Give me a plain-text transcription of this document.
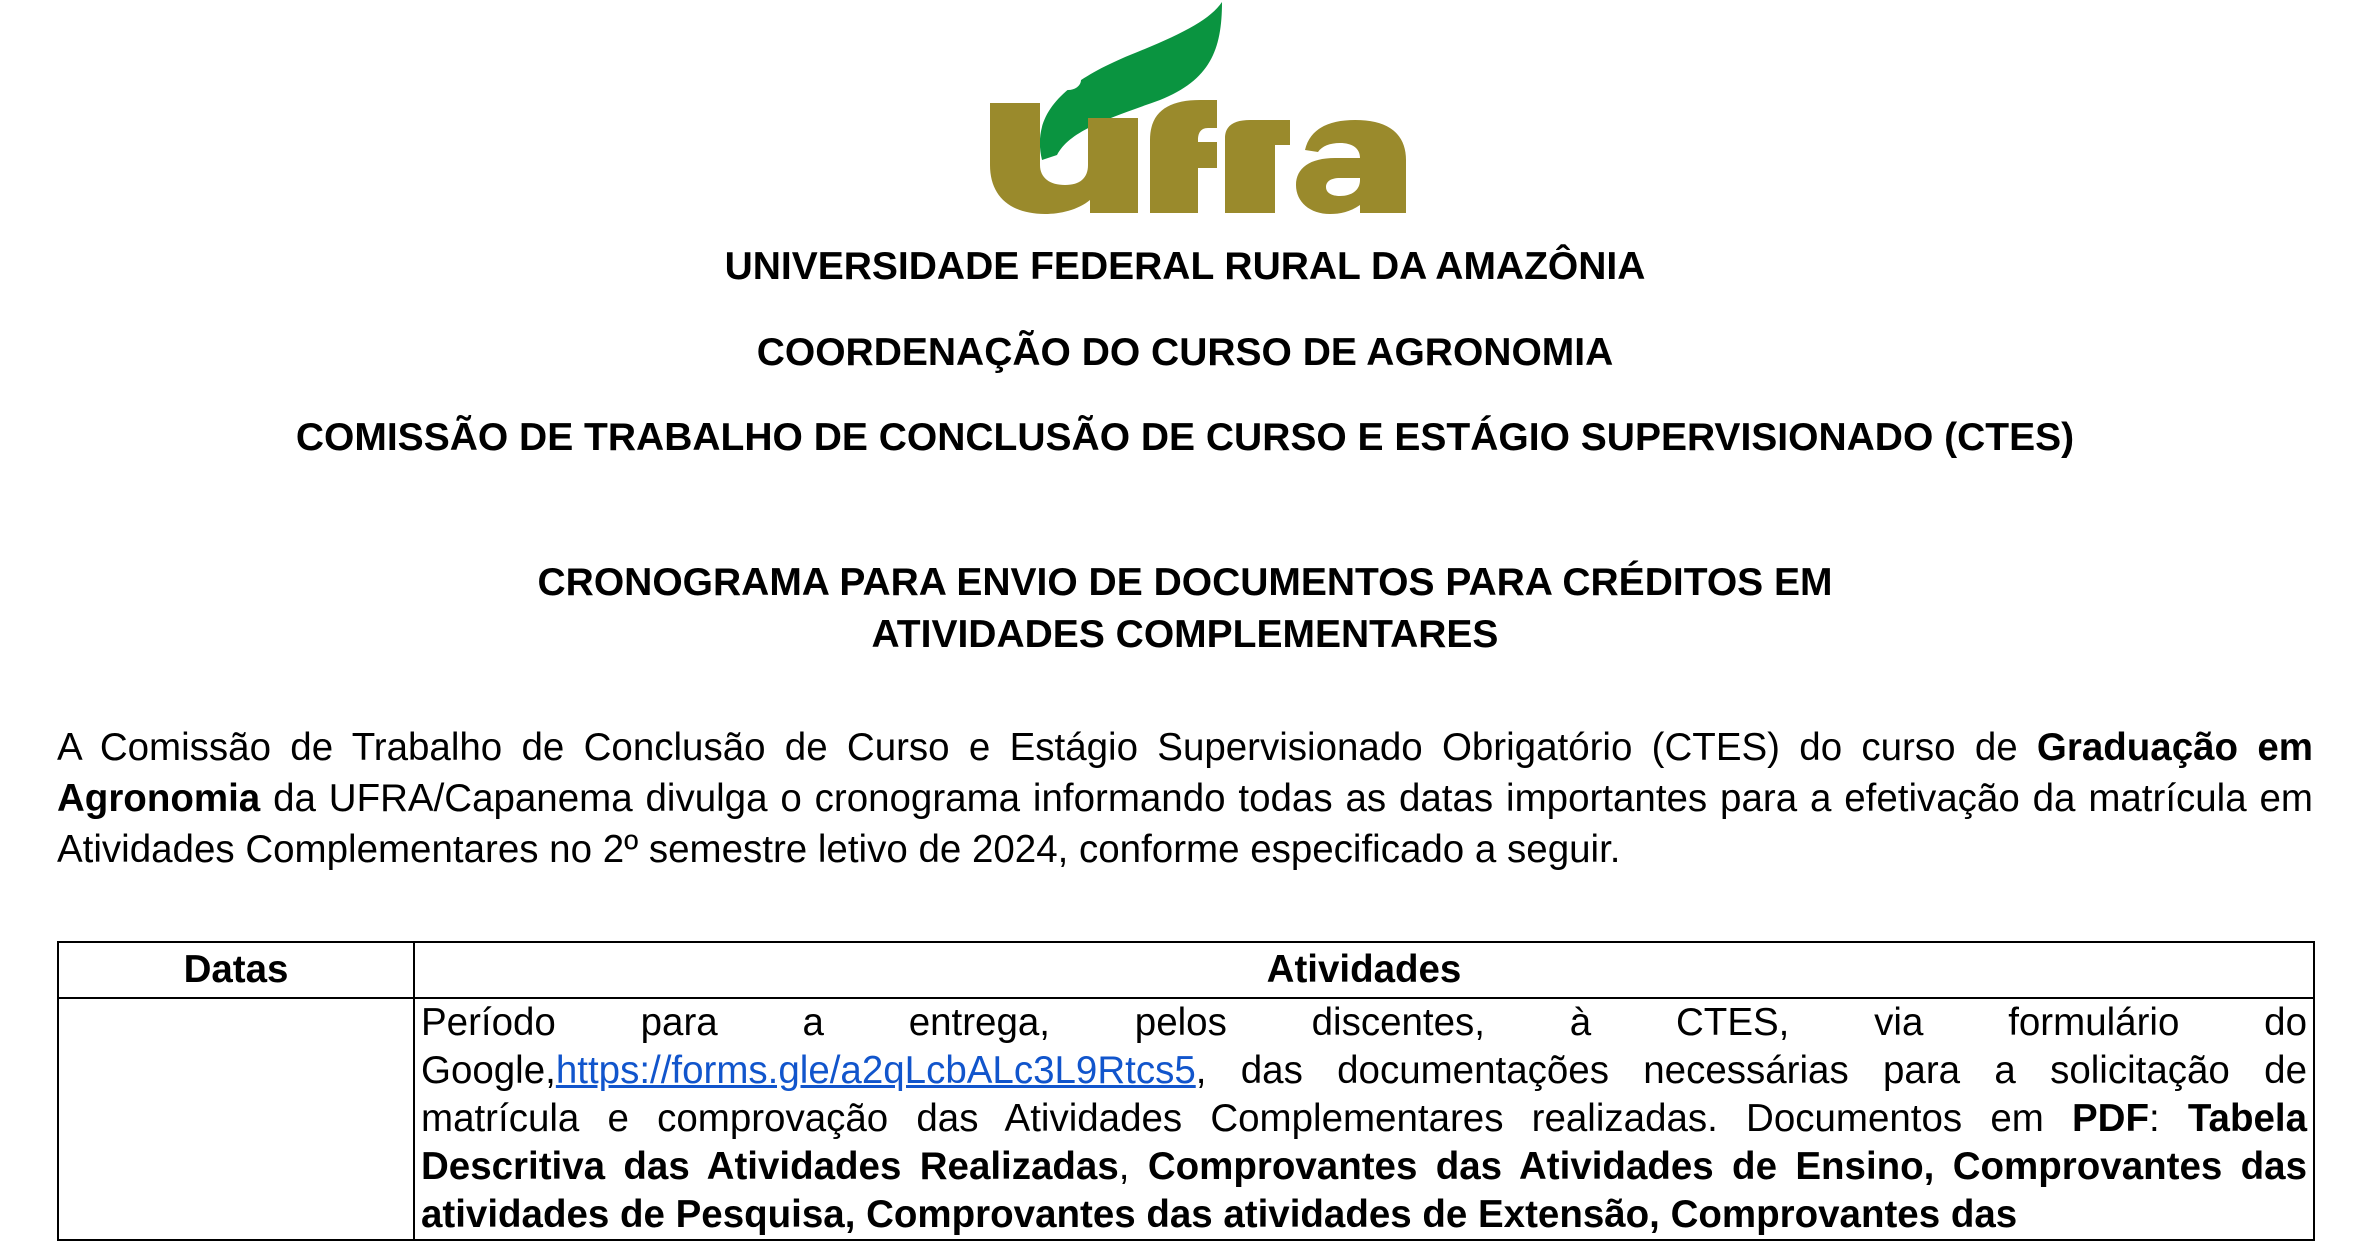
UNIVERSIDADE FEDERAL RURAL DA AMAZÔNIA
COORDENAÇÃO DO CURSO DE AGRONOMIA
COMISSÃO DE TRABALHO DE CONCLUSÃO DE CURSO E ESTÁGIO SUPERVISIONADO (CTES)
CRONOGRAMA PARA ENVIO DE DOCUMENTOS PARA CRÉDITOS EM
ATIVIDADES COMPLEMENTARES
A Comissão de Trabalho de Conclusão de Curso e Estágio Supervisionado Obrigatório (CTES) do curso de Graduação em Agronomia da UFRA/Capanema divulga o cronograma informando todas as datas importantes para a efetivação da matrícula em Atividades Complementares no 2º semestre letivo de 2024, conforme especificado a seguir.
Datas	Atividades
	Período para a entrega, pelos discentes, à CTES, via formulário do Google,https://forms.gle/a2qLcbALc3L9Rtcs5, das documentações necessárias para a solicitação de matrícula e comprovação das Atividades Complementares realizadas. Documentos em PDF: Tabela Descritiva das Atividades Realizadas, Comprovantes das Atividades de Ensino, Comprovantes das atividades de Pesquisa, Comprovantes das atividades de Extensão, Comprovantes das
